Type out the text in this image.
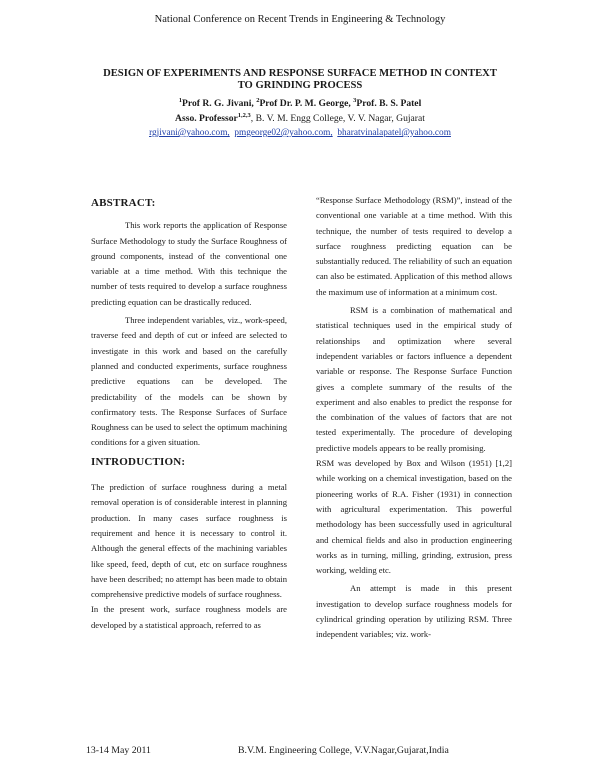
National Conference on Recent Trends in Engineering & Technology
DESIGN OF EXPERIMENTS AND RESPONSE SURFACE METHOD IN CONTEXT
TO GRINDING PROCESS
$^1$Prof R. G. Jivani, $^2$Prof Dr. P. M. George, $^3$Prof. B. S. Patel
Asso. Professor$^{1,2,3}$, B. V. M. Engg College, V. V. Nagar, Gujarat
rgjivani@yahoo.com, pmgeorge02@yahoo.com, bharatvinalapatel@yahoo.com
ABSTRACT:

This work reports the application of Response Surface Methodology to study the Surface Roughness of ground components, instead of the conventional one variable at a time method. With this technique the number of tests required to develop a surface roughness predicting equation can be drastically reduced.

Three independent variables, viz., work-speed, traverse feed and depth of cut or infeed are selected to investigate in this work and based on the carefully planned and conducted experiments, surface roughness predictive equations can be developed. The predictability of the models can be shown by confirmatory tests. The Response Surfaces of Surface Roughness can be used to select the optimum machining conditions for a given situation.

INTRODUCTION:

The prediction of surface roughness during a metal removal operation is of considerable interest in planning production. In many cases surface roughness is requirement and hence it is necessary to control it. Although the general effects of the machining variables like speed, feed, depth of cut, etc on surface roughness have been described; no attempt has been made to obtain comprehensive predictive models of surface roughness.

In the present work, surface roughness models are developed by a statistical approach, referred to as

“Response Surface Methodology (RSM)”, instead of the conventional one variable at a time method. With this technique, the number of tests required to develop a surface roughness predicting equation can be substantially reduced. The reliability of such an equation can also be estimated. Application of this method allows the maximum use of information at a minimum cost.

RSM is a combination of mathematical and statistical techniques used in the empirical study of relationships and optimization where several independent variables or factors influence a dependent variable or response. The Response Surface Function gives a complete summary of the results of the experiment and also enables to predict the response for the combination of the values of factors that are not tested experimentally. The procedure of developing predictive models appears to be really promising.

RSM was developed by Box and Wilson (1951) [1,2] while working on a chemical investigation, based on the pioneering works of R.A. Fisher (1931) in connection with agricultural experimentation. This powerful methodology has been successfully used in agricultural and chemical fields and also in production engineering works as in turning, milling, grinding, extrusion, press working, welding etc.

An attempt is made in this present investigation to develop surface roughness models for cylindrical grinding operation by utilizing RSM. Three independent variables; viz. work-

13-14 May 2011	B.V.M. Engineering College, V.V.Nagar,Gujarat,India
